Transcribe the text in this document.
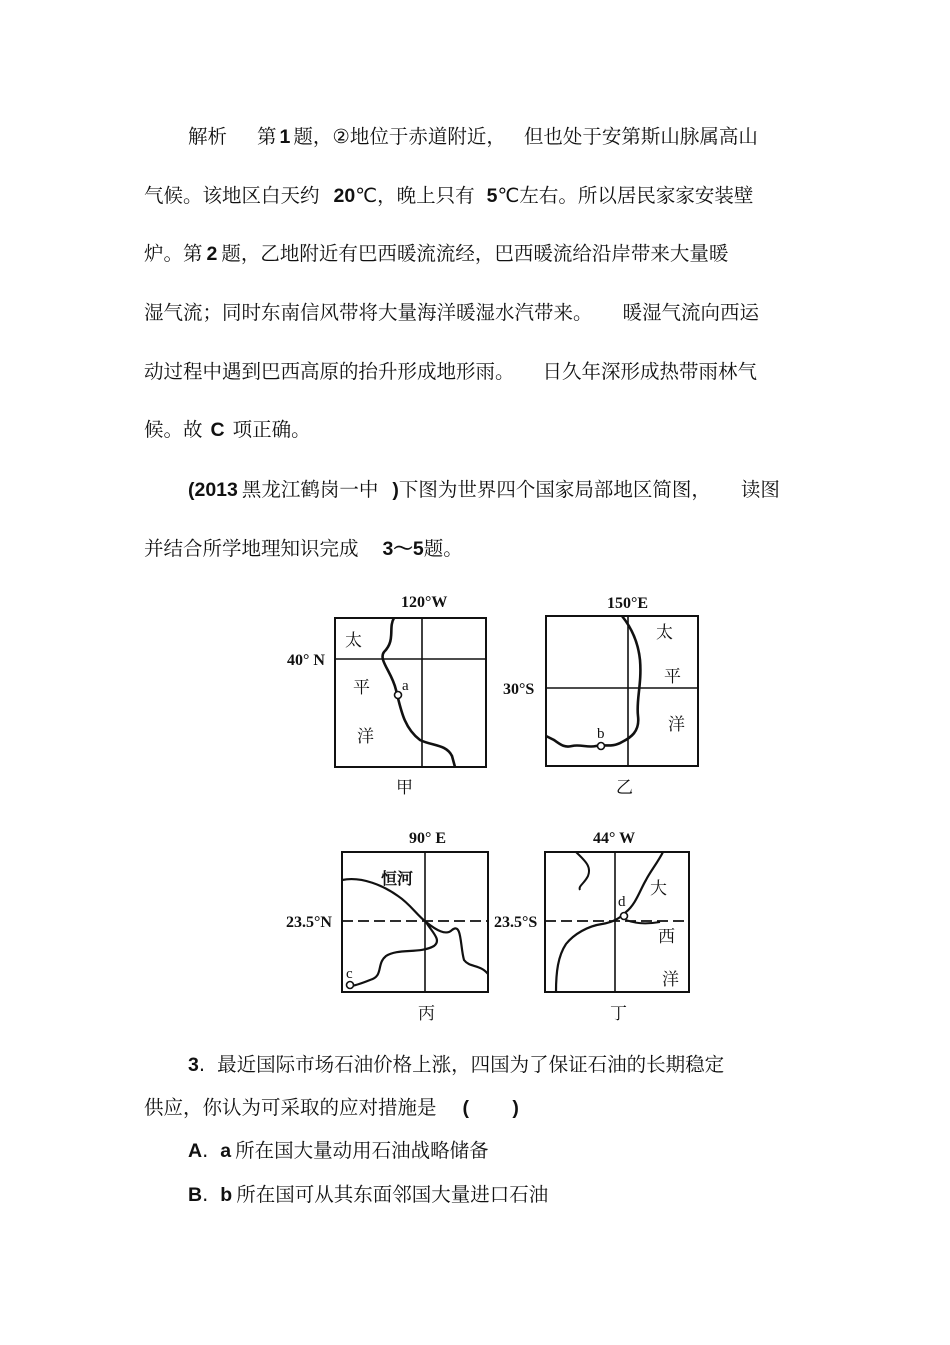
解析 第 1 题，②地位于赤道附近， 但也处于安第斯山脉属高山
气候。该地区白天约 20℃，晚上只有 5℃左右。所以居民家家安装壁
炉。第 2 题，乙地附近有巴西暖流流经，巴西暖流给沿岸带来大量暖
湿气流；同时东南信风带将大量海洋暖湿水汽带来。 暖湿气流向西运
动过程中遇到巴西高原的抬升形成地形雨。 日久年深形成热带雨林气
候。故 C 项正确。
(2013 黑龙江鹤岗一中 )下图为世界四个国家局部地区简图， 读图
并结合所学地理知识完成 3～5题。
a
120°W
40° N
太
平
洋
甲
b
150°E
30°S
太
平
洋
乙
c
恒河
90° E
23.5°N
丙
d
44° W
23.5°S
大
西
洋
丁
3. 最近国际市场石油价格上涨，四国为了保证石油的长期稳定
供应，你认为可采取的应对措施是 (        )
A. a 所在国大量动用石油战略储备
B. b 所在国可从其东面邻国大量进口石油
